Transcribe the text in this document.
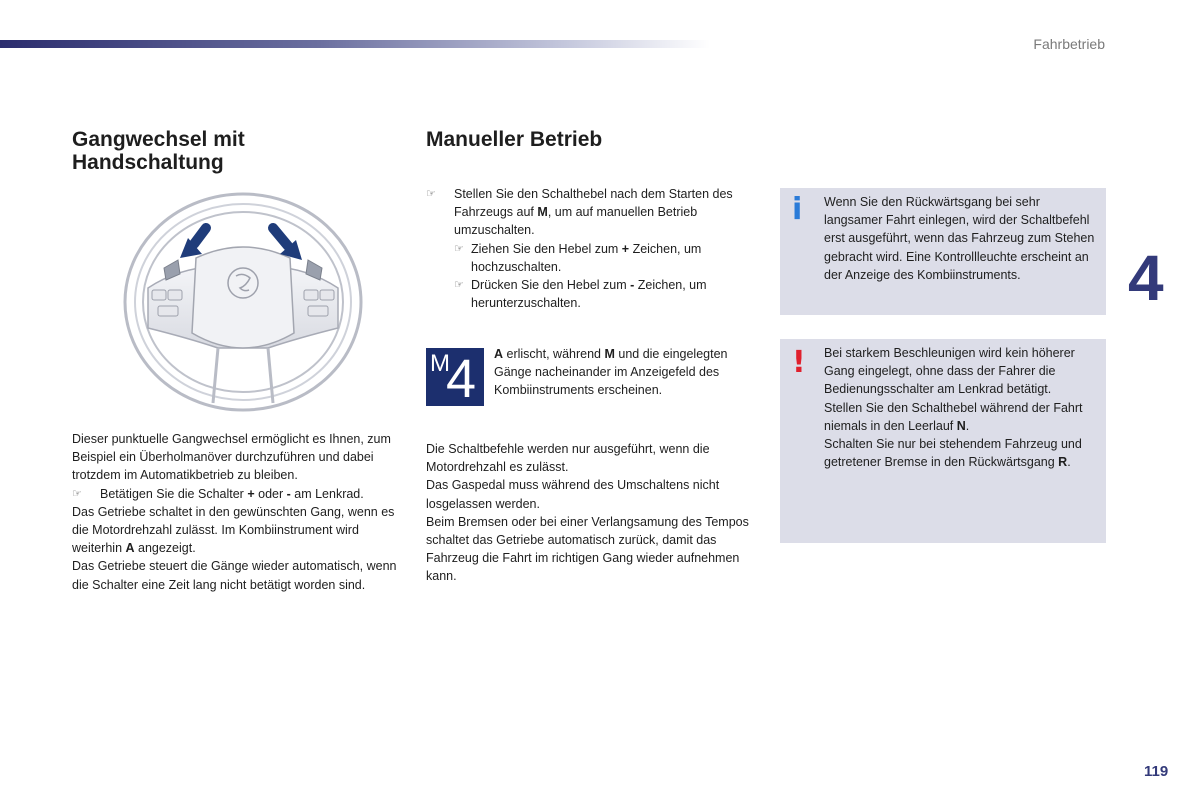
Fahrbetrieb
4
119
Gangwechsel mit Handschaltung

Dieser punktuelle Gangwechsel ermöglicht es Ihnen, zum Beispiel ein Überholmanöver durchzuführen und dabei trotzdem im Automatikbetrieb zu bleiben.

☞ Betätigen Sie die Schalter + oder - am Lenkrad.

Das Getriebe schaltet in den gewünschten Gang, wenn es die Motordrehzahl zulässt. Im Kombiinstrument wird weiterhin A angezeigt.

Das Getriebe steuert die Gänge wieder automatisch, wenn die Schalter eine Zeit lang nicht betätigt worden sind.

Manueller Betrieb

☞ Stellen Sie den Schalthebel nach dem Starten des Fahrzeugs auf M, um auf manuellen Betrieb umzuschalten.

☞ Ziehen Sie den Hebel zum + Zeichen, um hochzuschalten.

☞ Drücken Sie den Hebel zum - Zeichen, um herunterzuschalten.

M
4 A erlischt, während M und die eingelegten Gänge nacheinander im Anzeigefeld des Kombiinstruments erscheinen.

Die Schaltbefehle werden nur ausgeführt, wenn die Motordrehzahl es zulässt.

Das Gaspedal muss während des Umschaltens nicht losgelassen werden.

Beim Bremsen oder bei einer Verlangsamung des Tempos schaltet das Getriebe automatisch zurück, damit das Fahrzeug die Fahrt im richtigen Gang wieder aufnehmen kann.

i Wenn Sie den Rückwärtsgang bei sehr langsamer Fahrt einlegen, wird der Schaltbefehl erst ausgeführt, wenn das Fahrzeug zum Stehen gebracht wird. Eine Kontrollleuchte erscheint an der Anzeige des Kombiinstruments.
! Bei starkem Beschleunigen wird kein höherer Gang eingelegt, ohne dass der Fahrer die Bedienungsschalter am Lenkrad betätigt.

Stellen Sie den Schalthebel während der Fahrt niemals in den Leerlauf N.

Schalten Sie nur bei stehendem Fahrzeug und getretener Bremse in den Rückwärtsgang R.
